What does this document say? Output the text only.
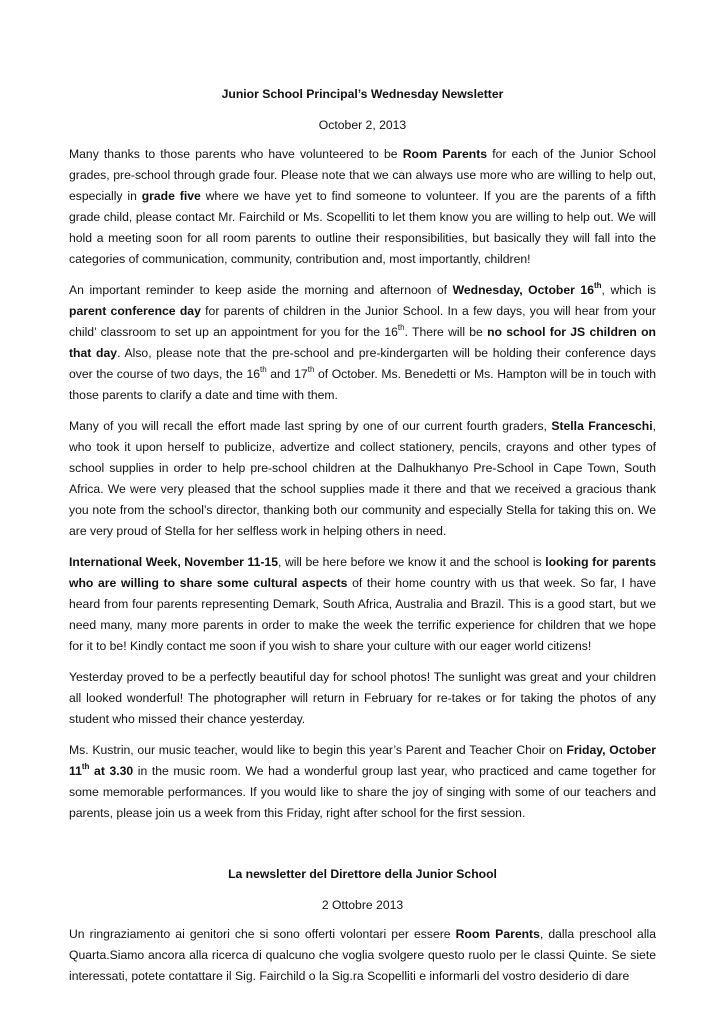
Junior School Principal’s Wednesday Newsletter
October 2, 2013

Many thanks to those parents who have volunteered to be Room Parents for each of the Junior School grades, pre-school through grade four. Please note that we can always use more who are willing to help out, especially in grade five where we have yet to find someone to volunteer. If you are the parents of a fifth grade child, please contact Mr. Fairchild or Ms. Scopelliti to let them know you are willing to help out. We will hold a meeting soon for all room parents to outline their responsibilities, but basically they will fall into the categories of communication, community, contribution and, most importantly, children!

An important reminder to keep aside the morning and afternoon of Wednesday, October 16th, which is parent conference day for parents of children in the Junior School. In a few days, you will hear from your child’ classroom to set up an appointment for you for the 16th. There will be no school for JS children on that day. Also, please note that the pre-school and pre-kindergarten will be holding their conference days over the course of two days, the 16th and 17th of October. Ms. Benedetti or Ms. Hampton will be in touch with those parents to clarify a date and time with them.

Many of you will recall the effort made last spring by one of our current fourth graders, Stella Franceschi, who took it upon herself to publicize, advertize and collect stationery, pencils, crayons and other types of school supplies in order to help pre-school children at the Dalhukhanyo Pre-School in Cape Town, South Africa. We were very pleased that the school supplies made it there and that we received a gracious thank you note from the school’s director, thanking both our community and especially Stella for taking this on. We are very proud of Stella for her selfless work in helping others in need.

International Week, November 11-15, will be here before we know it and the school is looking for parents who are willing to share some cultural aspects of their home country with us that week. So far, I have heard from four parents representing Demark, South Africa, Australia and Brazil. This is a good start, but we need many, many more parents in order to make the week the terrific experience for children that we hope for it to be! Kindly contact me soon if you wish to share your culture with our eager world citizens!

Yesterday proved to be a perfectly beautiful day for school photos! The sunlight was great and your children all looked wonderful! The photographer will return in February for re-takes or for taking the photos of any student who missed their chance yesterday.

Ms. Kustrin, our music teacher, would like to begin this year’s Parent and Teacher Choir on Friday, October 11th at 3.30 in the music room. We had a wonderful group last year, who practiced and came together for some memorable performances. If you would like to share the joy of singing with some of our teachers and parents, please join us a week from this Friday, right after school for the first session.

La newsletter del Direttore della Junior School
2 Ottobre 2013

Un ringraziamento ai genitori che si sono offerti volontari per essere Room Parents, dalla preschool alla Quarta.Siamo ancora alla ricerca di qualcuno che voglia svolgere questo ruolo per le classi Quinte. Se siete interessati, potete contattare il Sig. Fairchild o la Sig.ra Scopelliti e informarli del vostro desiderio di dare
